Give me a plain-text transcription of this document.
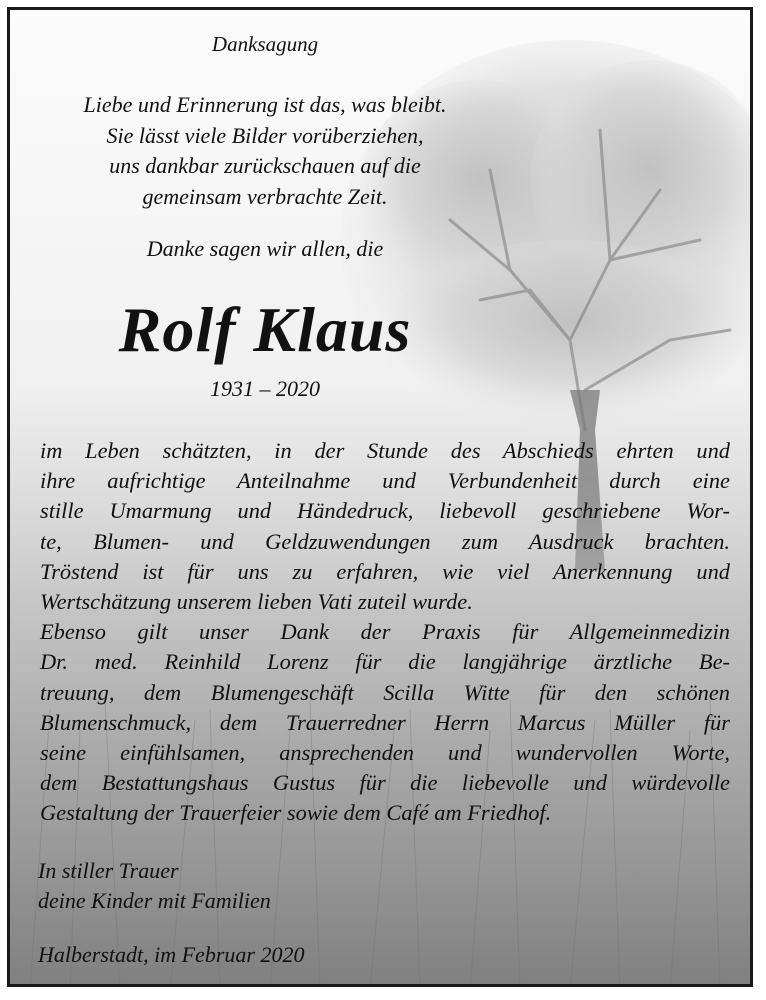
Danksagung
Liebe und Erinnerung ist das, was bleibt.
Sie lässt viele Bilder vorüberziehen,
uns dankbar zurückschauen auf die
gemeinsam verbrachte Zeit.
Danke sagen wir allen, die
Rolf Klaus
1931 – 2020
im Leben schätzten, in der Stunde des Abschieds ehrten und
ihre aufrichtige Anteilnahme und Verbundenheit durch eine
stille Umarmung und Händedruck, liebevoll geschriebene Wor-
te, Blumen- und Geldzuwendungen zum Ausdruck brachten.
Tröstend ist für uns zu erfahren, wie viel Anerkennung und
Wertschätzung unserem lieben Vati zuteil wurde.
Ebenso gilt unser Dank der Praxis für Allgemeinmedizin
Dr. med. Reinhild Lorenz für die langjährige ärztliche Be-
treuung, dem Blumengeschäft Scilla Witte für den schönen
Blumenschmuck, dem Trauerredner Herrn Marcus Müller für
seine einfühlsamen, ansprechenden und wundervollen Worte,
dem Bestattungshaus Gustus für die liebevolle und würdevolle
Gestaltung der Trauerfeier sowie dem Café am Friedhof.
In stiller Trauer
deine Kinder mit Familien
Halberstadt, im Februar 2020
